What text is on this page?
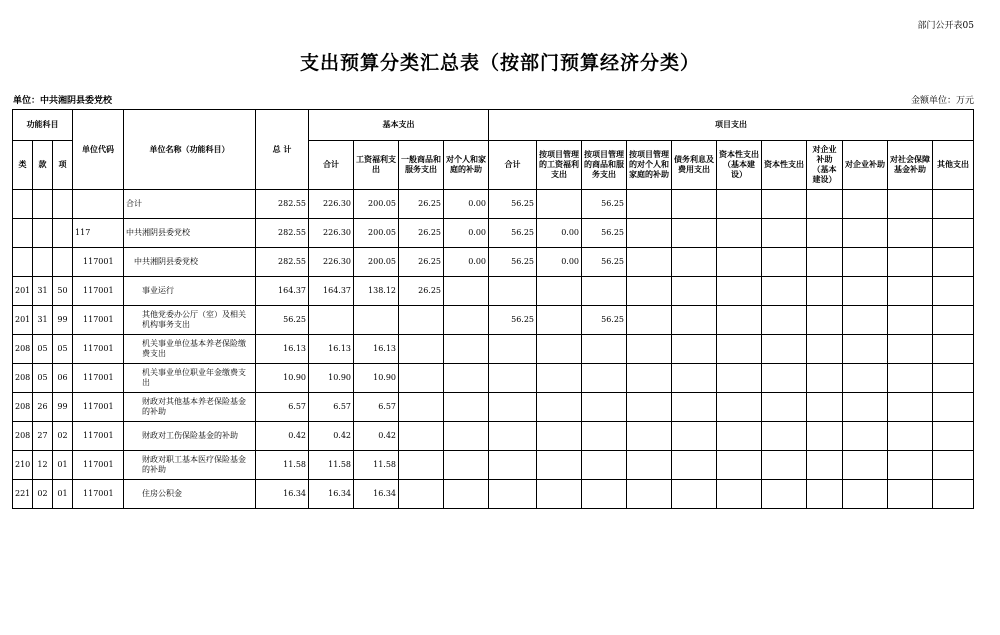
部门公开表05
支出预算分类汇总表（按部门预算经济分类）
单位：中共湘阴县委党校	金额单位：万元
功能科目			单位代码	单位名称（功能科目）	总 计	基本支出				项目支出										
类	款	项				合计	工资福利支出	一般商品和服务支出	对个人和家庭的补助	合计	按项目管理的工资福利支出	按项目管理的商品和服务支出	按项目管理的对个人和家庭的补助	债务利息及费用支出	资本性支出（基本建设）	资本性支出	对企业补助（基本建设）	对企业补助	对社会保障基金补助	其他支出
				合计	282.55	226.30	200.05	26.25	0.00	56.25		56.25								
			117	中共湘阴县委党校	282.55	226.30	200.05	26.25	0.00	56.25	0.00	56.25								
			117001	中共湘阴县委党校	282.55	226.30	200.05	26.25	0.00	56.25	0.00	56.25								
201	31	50	117001	事业运行	164.37	164.37	138.12	26.25												
201	31	99	117001	其他党委办公厅（室）及相关机构事务支出	56.25					56.25		56.25								
208	05	05	117001	机关事业单位基本养老保险缴费支出	16.13	16.13	16.13													
208	05	06	117001	机关事业单位职业年金缴费支出	10.90	10.90	10.90													
208	26	99	117001	财政对其他基本养老保险基金的补助	6.57	6.57	6.57													
208	27	02	117001	财政对工伤保险基金的补助	0.42	0.42	0.42													
210	12	01	117001	财政对职工基本医疗保险基金的补助	11.58	11.58	11.58													
221	02	01	117001	住房公积金	16.34	16.34	16.34													
